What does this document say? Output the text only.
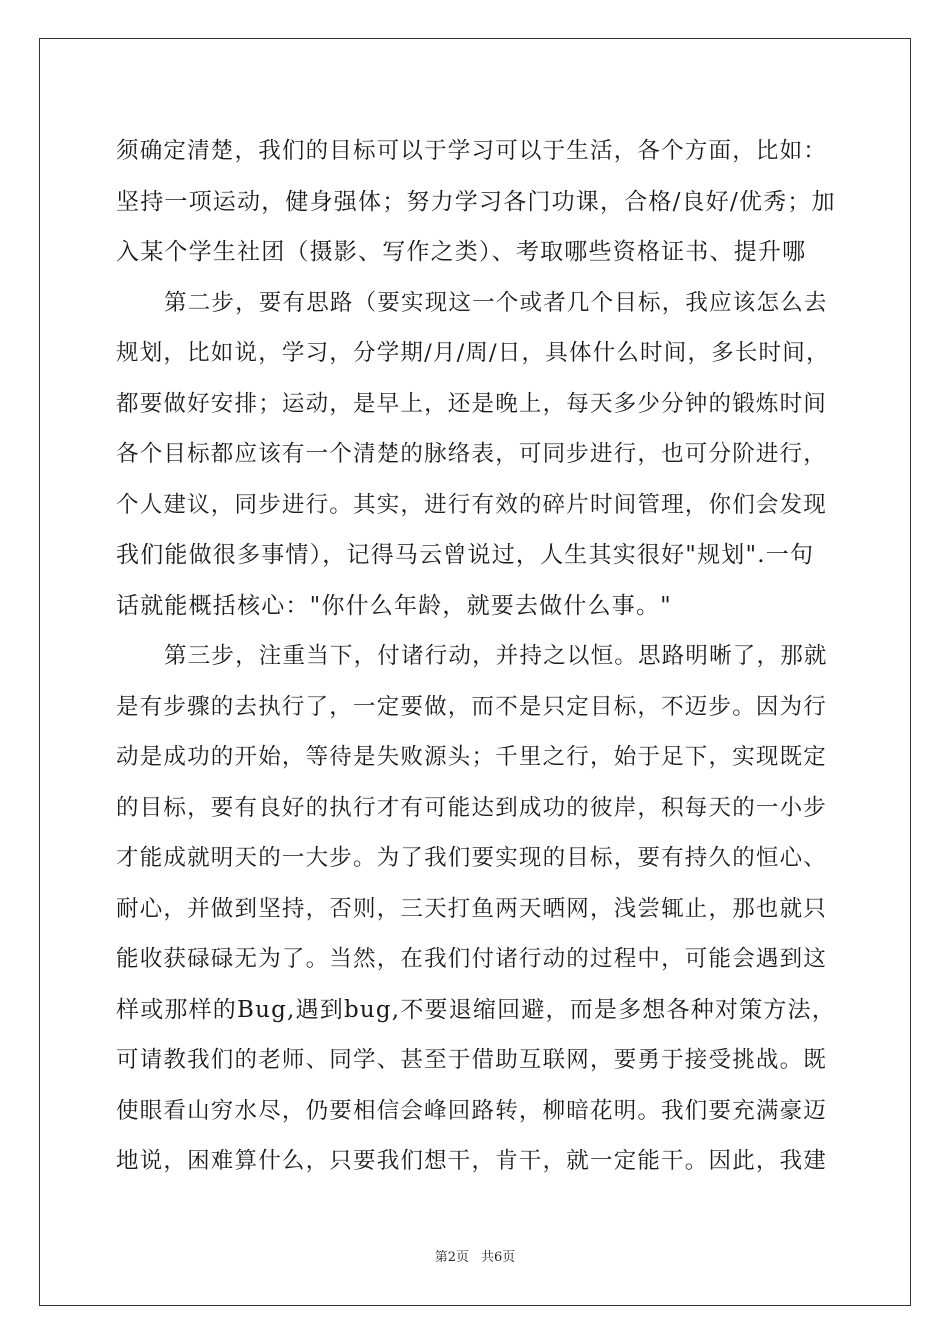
须确定清楚，我们的目标可以于学习可以于生活，各个方面，比如：
坚持一项运动，健身强体；努力学习各门功课，合格/良好/优秀；加
入某个学生社团（摄影、写作之类）、考取哪些资格证书、提升哪
第二步，要有思路（要实现这一个或者几个目标，我应该怎么去
规划，比如说，学习，分学期/月/周/日，具体什么时间，多长时间，
都要做好安排；运动，是早上，还是晚上，每天多少分钟的锻炼时间
各个目标都应该有一个清楚的脉络表，可同步进行，也可分阶进行，
个人建议，同步进行。其实，进行有效的碎片时间管理，你们会发现
我们能做很多事情），记得马云曾说过，人生其实很好"规划".一句
话就能概括核心："你什么年龄，就要去做什么事。"
第三步，注重当下，付诸行动，并持之以恒。思路明晰了，那就
是有步骤的去执行了，一定要做，而不是只定目标，不迈步。因为行
动是成功的开始，等待是失败源头；千里之行，始于足下，实现既定
的目标，要有良好的执行才有可能达到成功的彼岸，积每天的一小步
才能成就明天的一大步。为了我们要实现的目标，要有持久的恒心、
耐心，并做到坚持，否则，三天打鱼两天晒网，浅尝辄止，那也就只
能收获碌碌无为了。当然，在我们付诸行动的过程中，可能会遇到这
样或那样的Bug,遇到bug,不要退缩回避，而是多想各种对策方法，
可请教我们的老师、同学、甚至于借助互联网，要勇于接受挑战。既
使眼看山穷水尽，仍要相信会峰回路转，柳暗花明。我们要充满豪迈
地说，困难算什么，只要我们想干，肯干，就一定能干。因此，我建
第2页 共6页
